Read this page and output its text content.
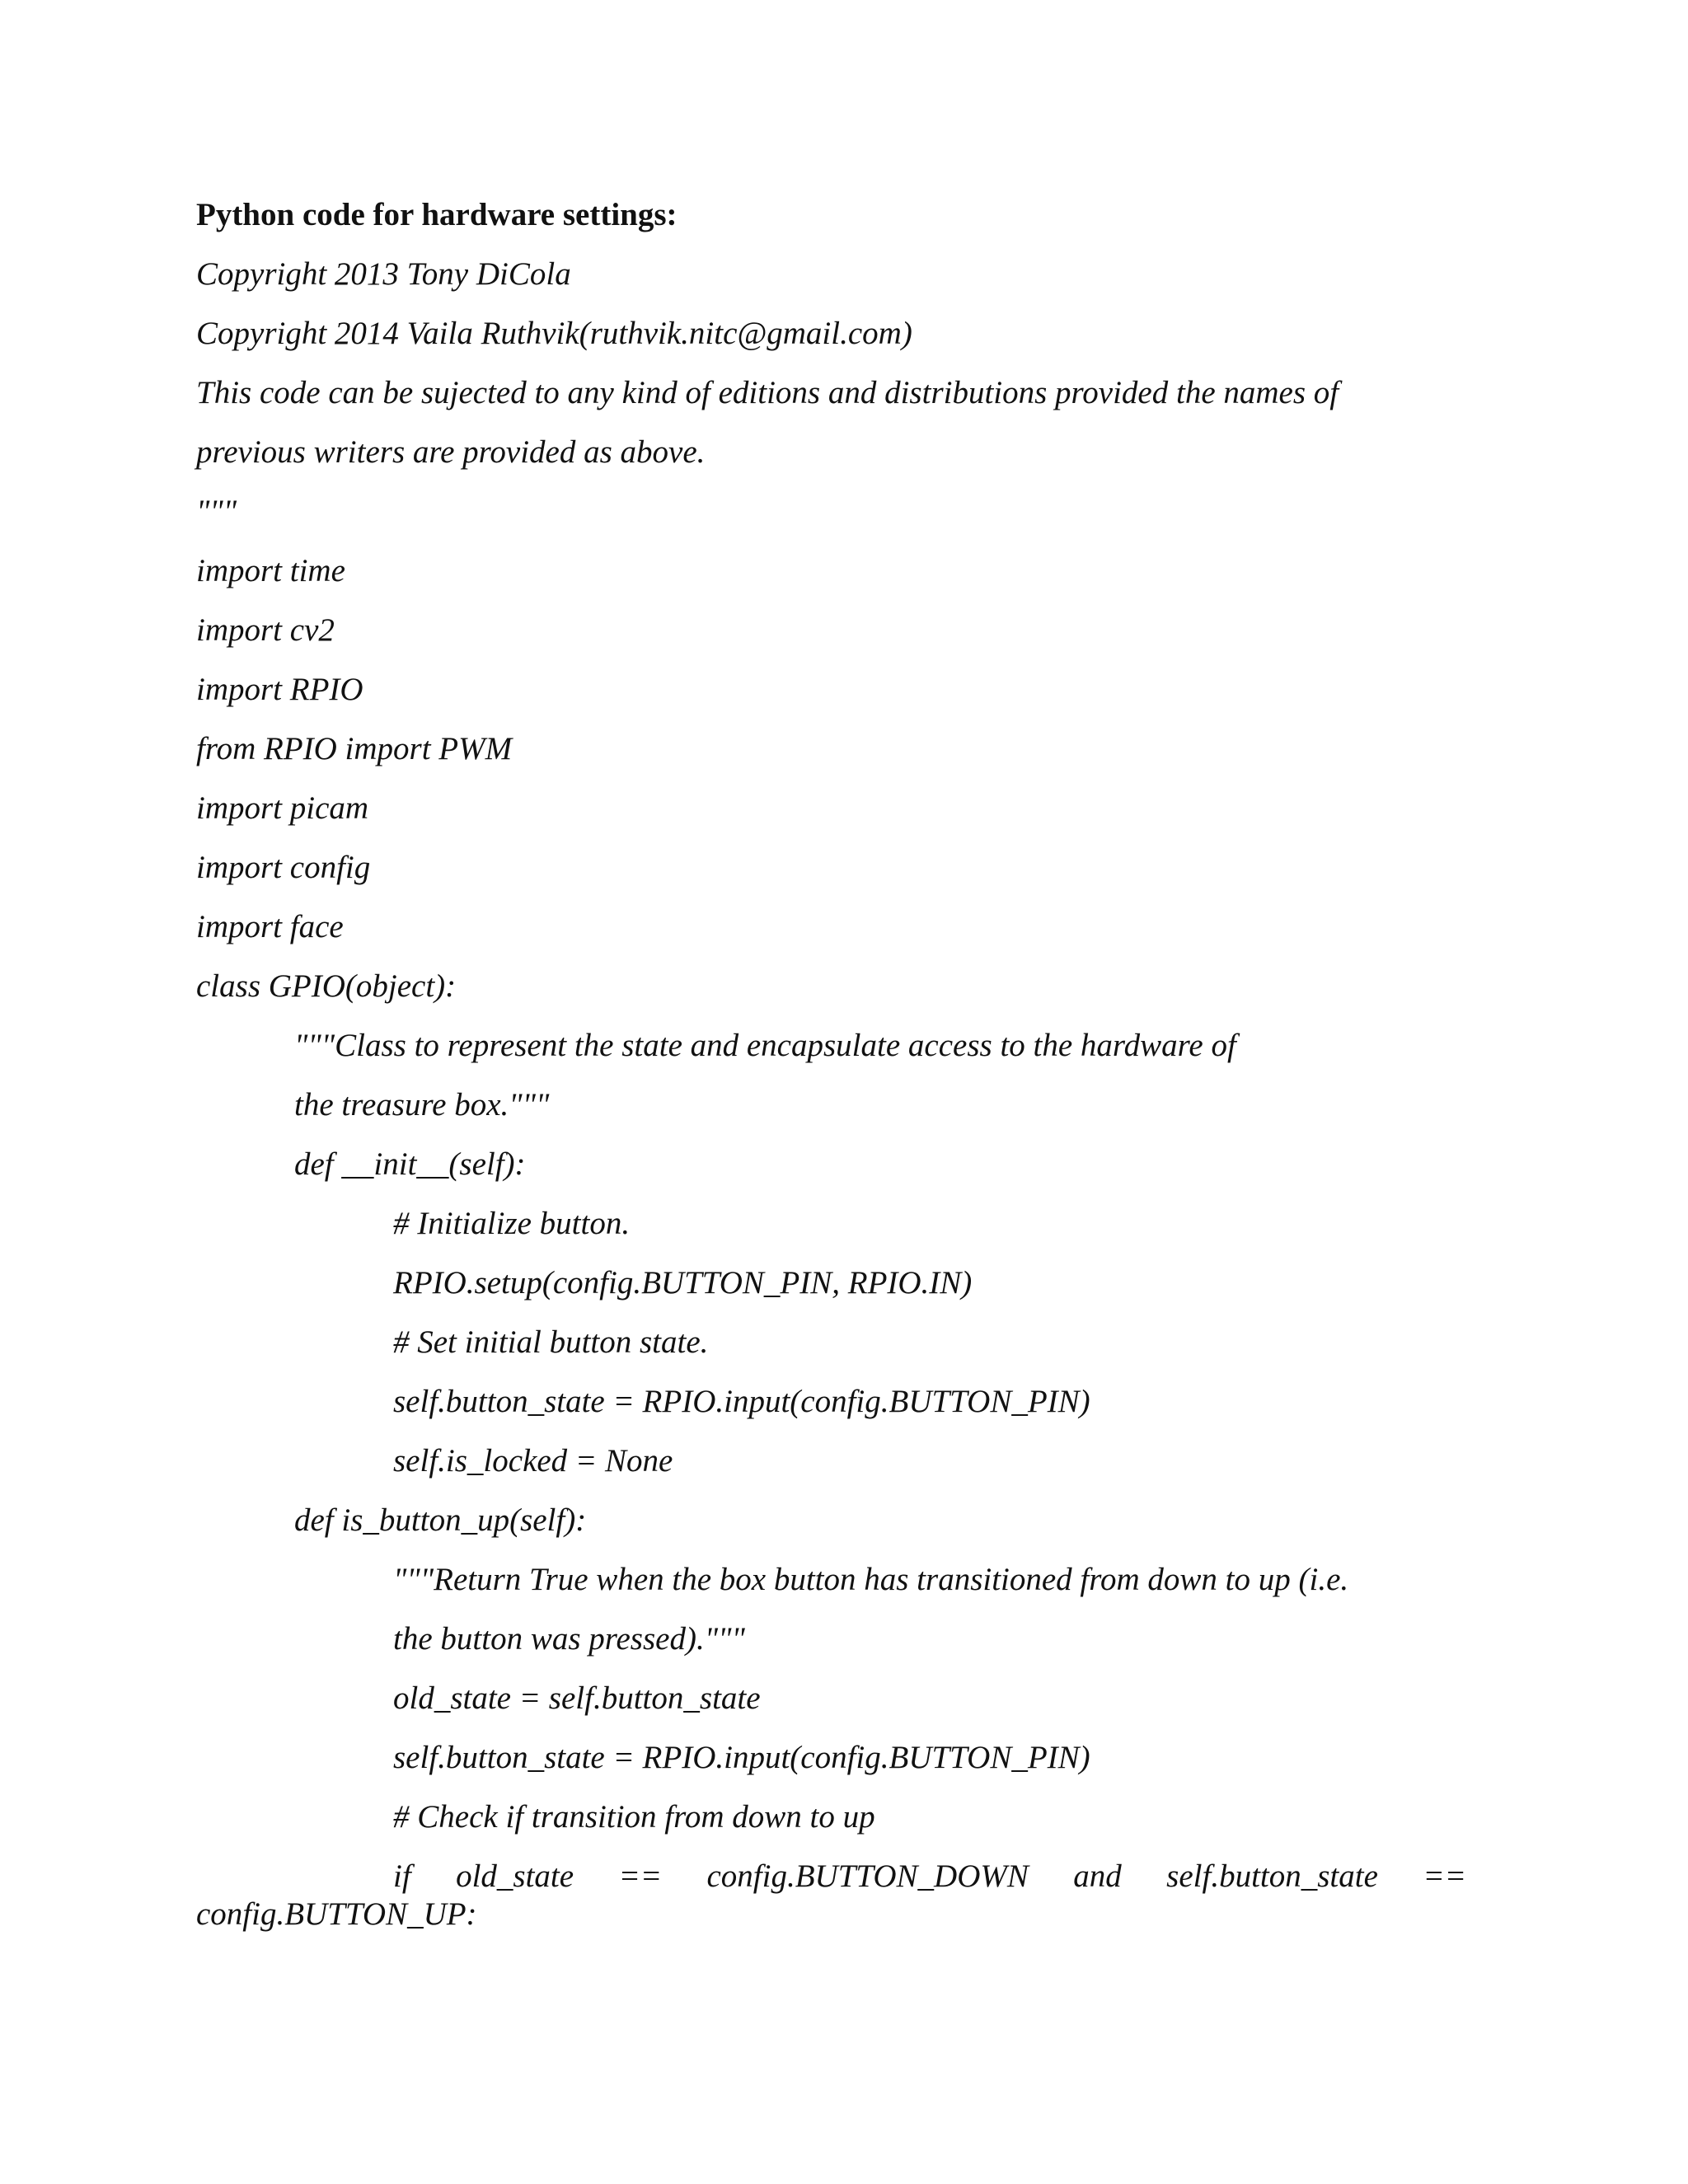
Python code for hardware settings:
Copyright 2013 Tony DiCola
Copyright 2014 Vaila Ruthvik(ruthvik.nitc@gmail.com)
This code can be sujected to any kind of editions and distributions provided the names of
previous writers are provided as above.
"""
import time
import cv2
import RPIO
from RPIO import PWM
import picam
import config
import face
class GPIO(object):
"""Class to represent the state and encapsulate access to the hardware of
the treasure box."""
def __init__(self):
# Initialize button.
RPIO.setup(config.BUTTON_PIN, RPIO.IN)
# Set initial button state.
self.button_state = RPIO.input(config.BUTTON_PIN)
self.is_locked = None
def is_button_up(self):
"""Return True when the box button has transitioned from down to up (i.e.
the button was pressed)."""
old_state = self.button_state
self.button_state = RPIO.input(config.BUTTON_PIN)
# Check if transition from down to up
if old_state == config.BUTTON_DOWN and self.button_state ==
config.BUTTON_UP:
